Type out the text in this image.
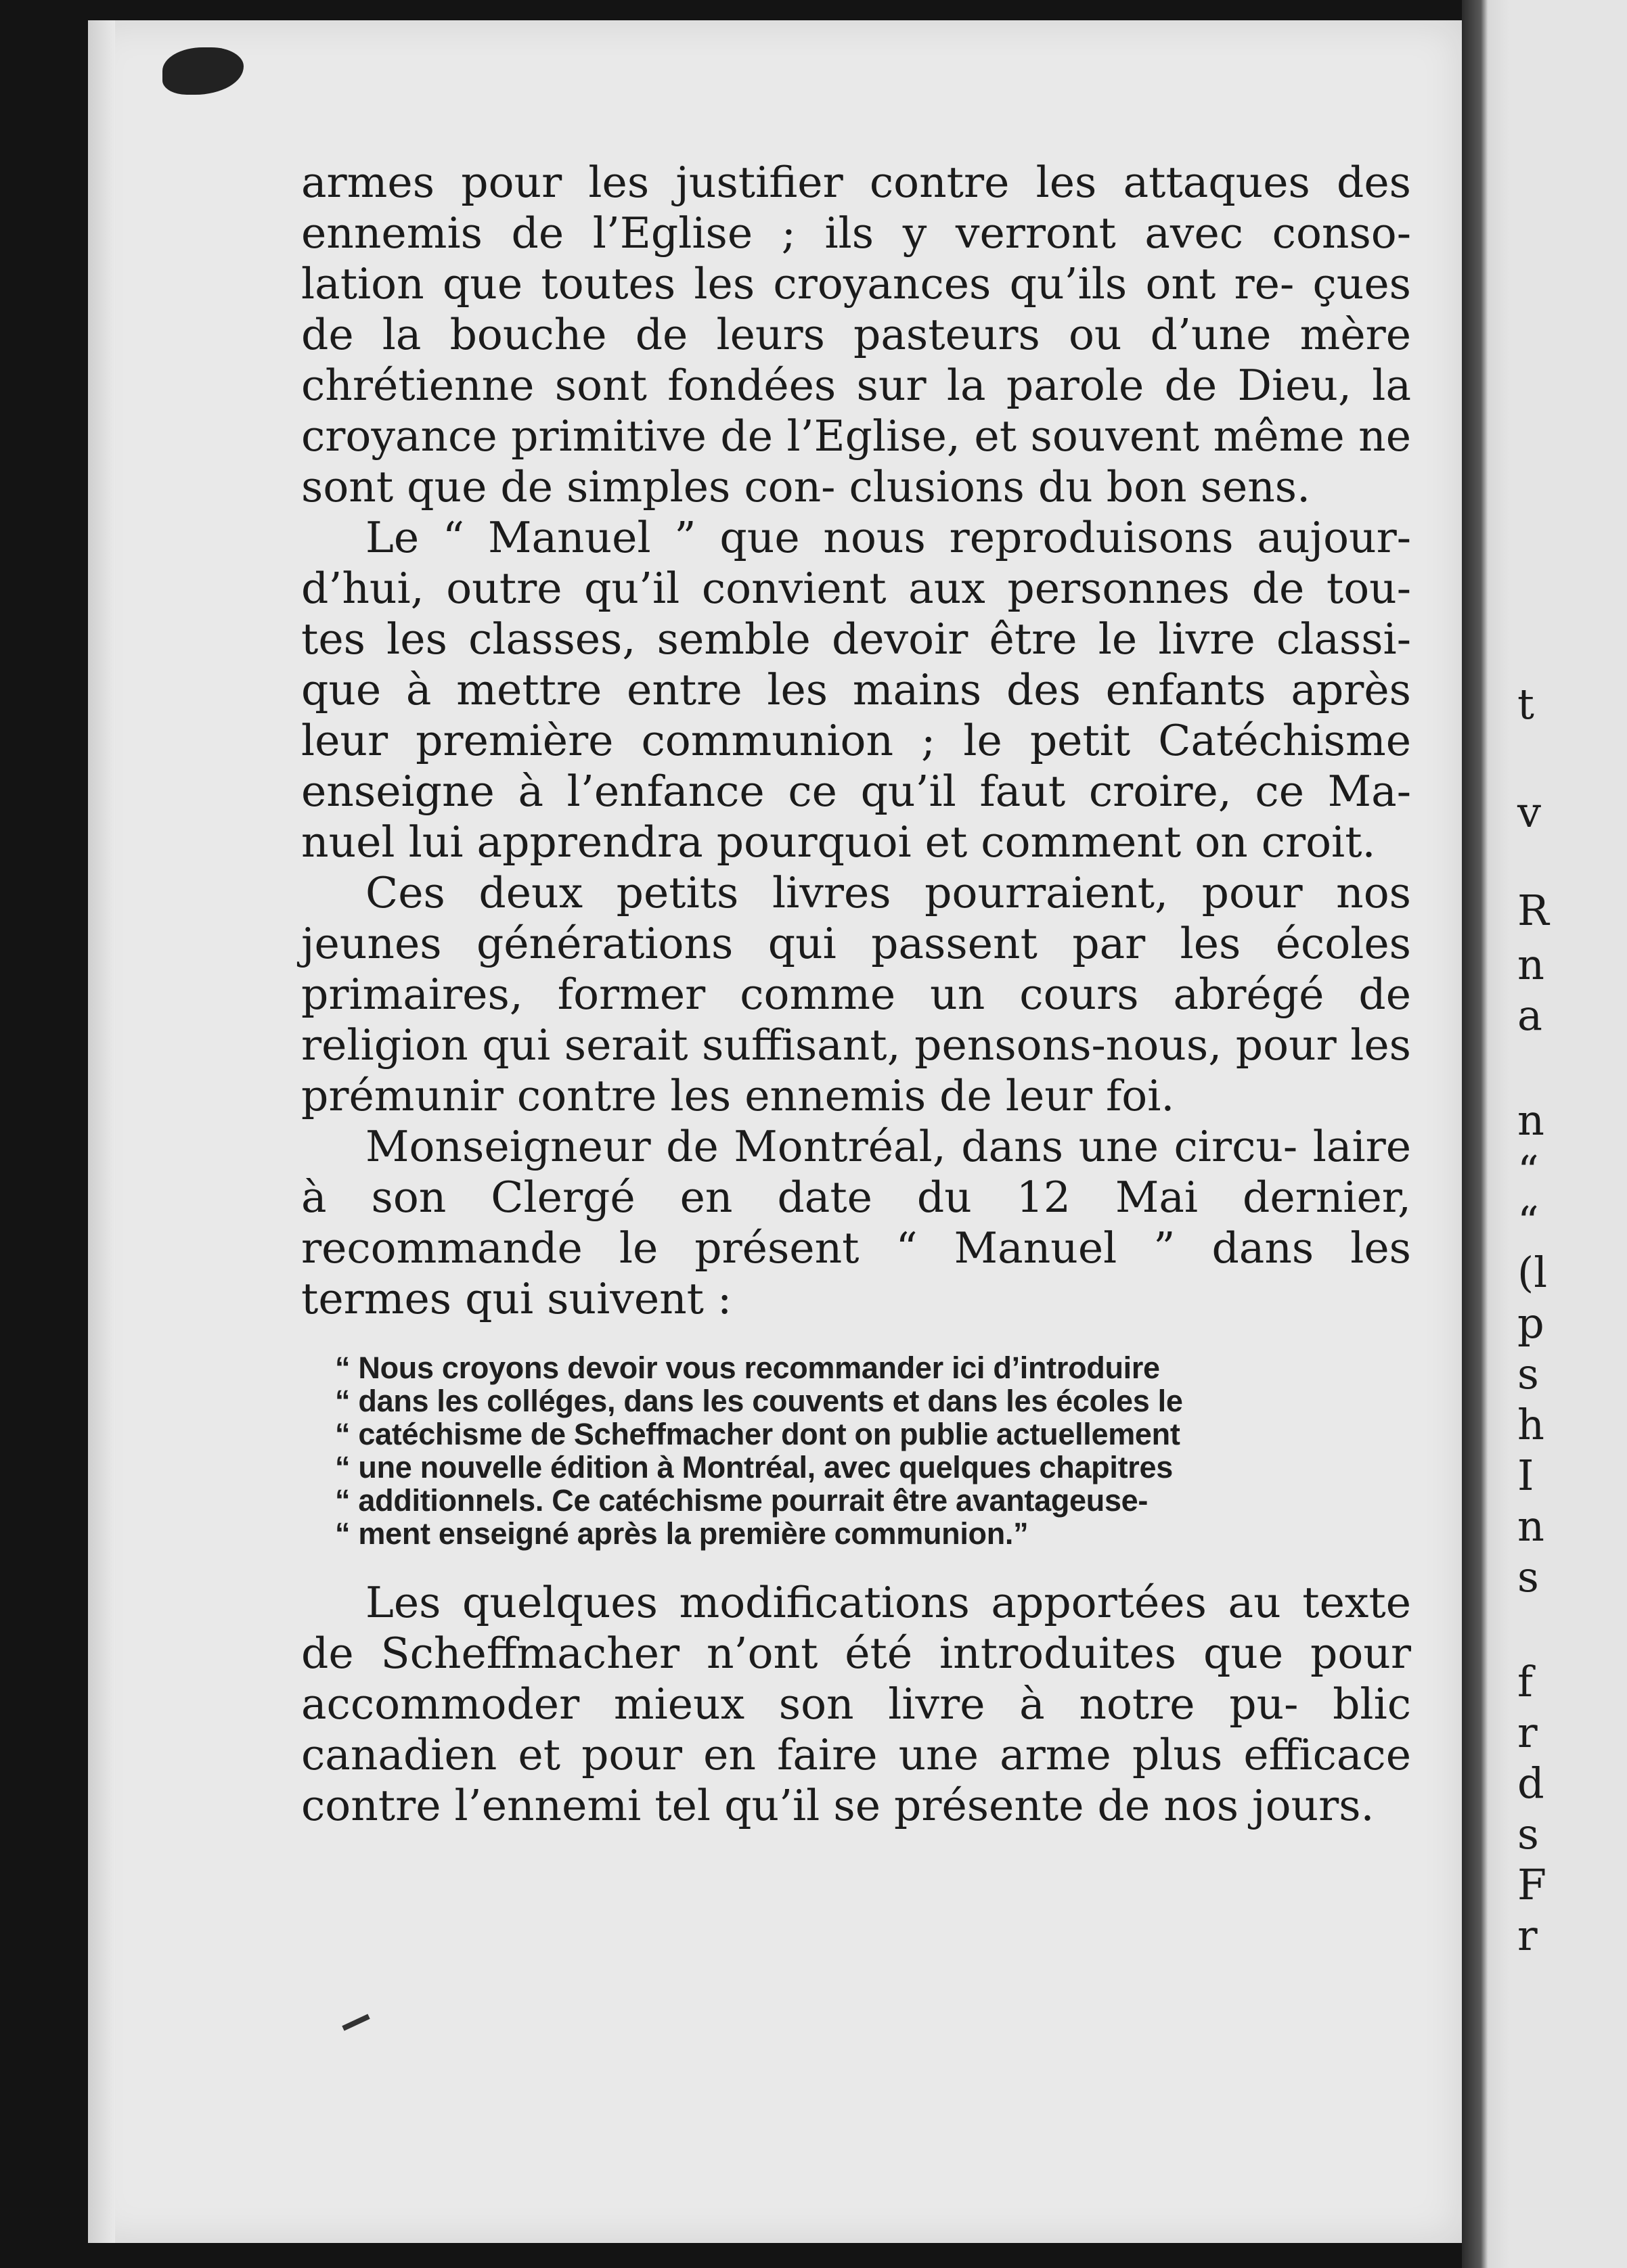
t
v
R
n
a
n
“
“
(l
p
s
h
I
n
s
f
r
d
s
F
r

armes pour les justifier contre les attaques des ennemis de l’Eglise ; ils y verront avec conso- lation que toutes les croyances qu’ils ont re- çues de la bouche de leurs pasteurs ou d’une mère chrétienne sont fondées sur la parole de Dieu, la croyance primitive de l’Eglise, et souvent même ne sont que de simples con- clusions du bon sens.

Le “ Manuel ” que nous reproduisons aujour- d’hui, outre qu’il convient aux personnes de tou- tes les classes, semble devoir être le livre classi- que à mettre entre les mains des enfants après leur première communion ; le petit Catéchisme enseigne à l’enfance ce qu’il faut croire, ce Ma- nuel lui apprendra pourquoi et comment on croit.

Ces deux petits livres pourraient, pour nos jeunes générations qui passent par les écoles primaires, former comme un cours abrégé de religion qui serait suffisant, pensons-nous, pour les prémunir contre les ennemis de leur foi.

Monseigneur de Montréal, dans une circu- laire à son Clergé en date du 12 Mai dernier, recommande le présent “ Manuel ” dans les termes qui suivent :

“ Nous croyons devoir vous recommander ici d’introduire
“ dans les colléges, dans les couvents et dans les écoles le
“ catéchisme de Scheffmacher dont on publie actuellement
“ une nouvelle édition à Montréal, avec quelques chapitres
“ additionnels. Ce catéchisme pourrait être avantageuse-
“ ment enseigné après la première communion.”

Les quelques modifications apportées au texte de Scheffmacher n’ont été introduites que pour accommoder mieux son livre à notre pu- blic canadien et pour en faire une arme plus efficace contre l’ennemi tel qu’il se présente de nos jours.
